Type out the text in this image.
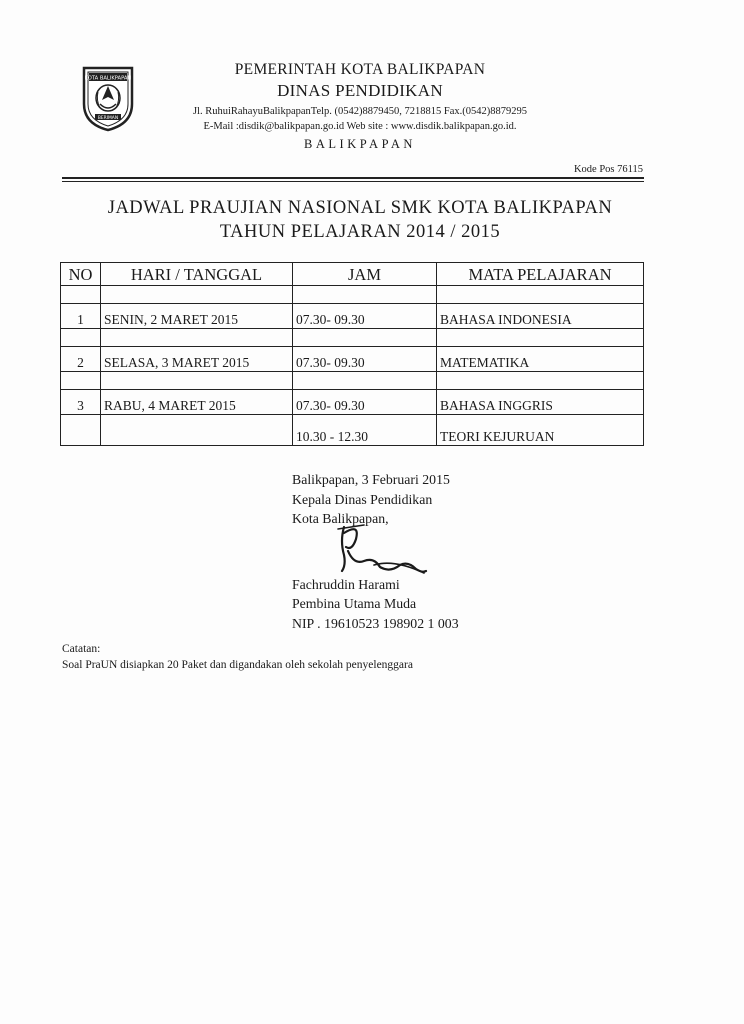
KOTA BALIKPAPAN
BERIMAN
PEMERINTAH KOTA BALIKPAPAN
DINAS PENDIDIKAN
Jl. RuhuiRahayuBalikpapanTelp. (0542)8879450, 7218815 Fax.(0542)8879295
E-Mail :disdik@balikpapan.go.id Web site : www.disdik.balikpapan.go.id.
BALIKPAPAN
Kode Pos 76115
JADWAL PRAUJIAN NASIONAL SMK KOTA BALIKPAPAN
TAHUN PELAJARAN 2014 / 2015
NO	HARI / TANGGAL	JAM	MATA PELAJARAN

1	SENIN, 2 MARET 2015	07.30- 09.30	BAHASA INDONESIA

2	SELASA, 3 MARET 2015	07.30- 09.30	MATEMATIKA

3	RABU, 4 MARET 2015	07.30- 09.30	BAHASA INGGRIS
		10.30 - 12.30	TEORI KEJURUAN
Balikpapan, 3 Februari 2015
Kepala Dinas Pendidikan
Kota Balikpapan,
Fachruddin Harami
Pembina Utama Muda
NIP . 19610523 198902 1 003
Catatan:
Soal PraUN disiapkan 20 Paket dan digandakan oleh sekolah penyelenggara
